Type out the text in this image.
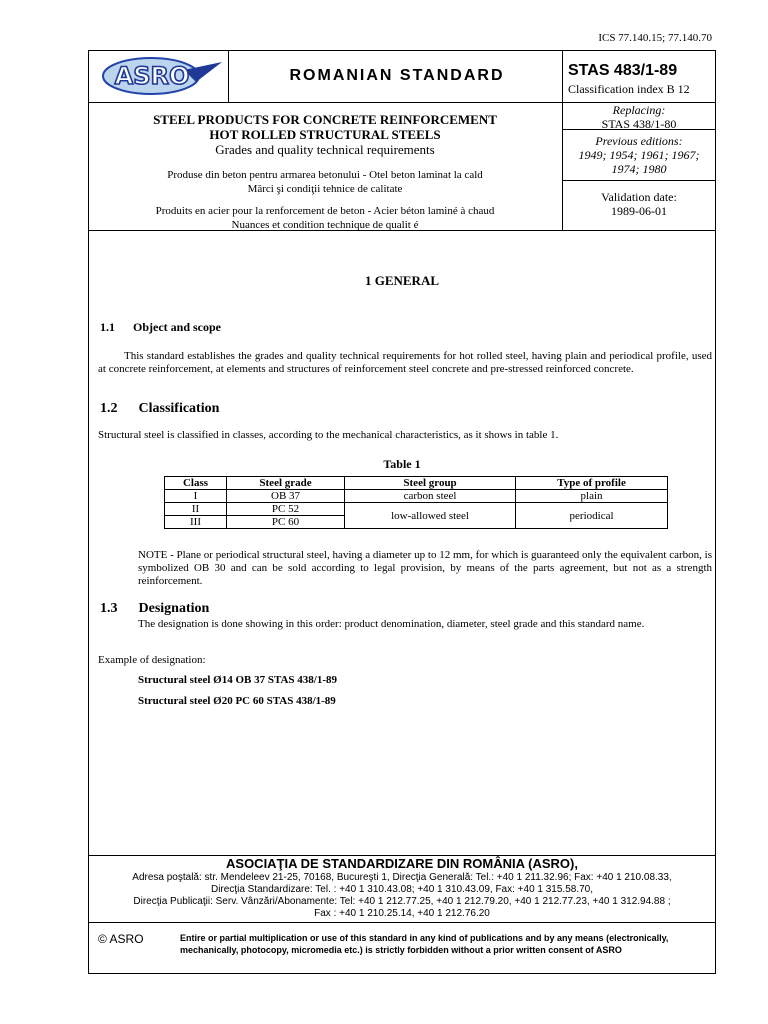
ICS 77.140.15; 77.140.70
ASRO	ROMANIAN STANDARD	STAS 483/1-89
Classification index B 12
STEEL PRODUCTS FOR CONCRETE REINFORCEMENT
HOT ROLLED STRUCTURAL STEELS
Grades and quality technical requirements
Produse din beton pentru armarea betonului - Otel beton laminat la cald
Mărci şi condiţii tehnice de calitate
Produits en acier pour la renforcement de beton - Acier béton laminé à chaud
Nuances et condition technique de qualit é
Replacing:
STAS 438/1-80
Previous editions:
1949; 1954; 1961; 1967;
1974; 1980
Validation date:
1989-06-01
1 GENERAL
1.1      Object and scope
This standard establishes the grades and quality technical requirements for hot rolled steel, having plain and periodical profile, used at concrete reinforcement, at elements and structures of reinforcement steel concrete and pre-stressed reinforced concrete.
1.2      Classification
Structural steel is classified in classes, according to the mechanical characteristics, as it shows in table 1.
Table 1
Class	Steel grade	Steel group	Type of profile
I	OB 37	carbon steel	plain
II	PC 52	low-allowed steel	periodical
III	PC 60		
NOTE - Plane or periodical structural steel, having a diameter up to 12 mm, for which is guaranteed only the equivalent carbon, is symbolized OB 30 and can be sold according to legal provision, by means of the parts agreement, but not as a strength reinforcement.
1.3      Designation
The designation is done showing in this order: product denomination, diameter, steel grade and this standard name.
Example of designation:
Structural steel Ø14 OB 37 STAS 438/1-89
Structural steel Ø20 PC 60 STAS 438/1-89
ASOCIAŢIA DE STANDARDIZARE DIN ROMÂNIA (ASRO),
Adresa poştală: str. Mendeleev 21-25, 70168, Bucureşti 1, Direcţia Generală: Tel.: +40 1 211.32.96; Fax: +40 1 210.08.33,
Direcţia Standardizare: Tel. : +40 1 310.43.08; +40 1 310.43.09, Fax: +40 1 315.58.70,
Direcţia Publicaţii: Serv. Vânzări/Abonamente: Tel: +40 1 212.77.25, +40 1 212.79.20, +40 1 212.77.23, +40 1 312.94.88 ;
Fax : +40 1 210.25.14, +40 1 212.76.20
© ASRO	Entire or partial multiplication or use of this standard in any kind of publications and by any means (electronically, mechanically, photocopy, micromedia etc.) is strictly forbidden without a prior written consent of ASRO
